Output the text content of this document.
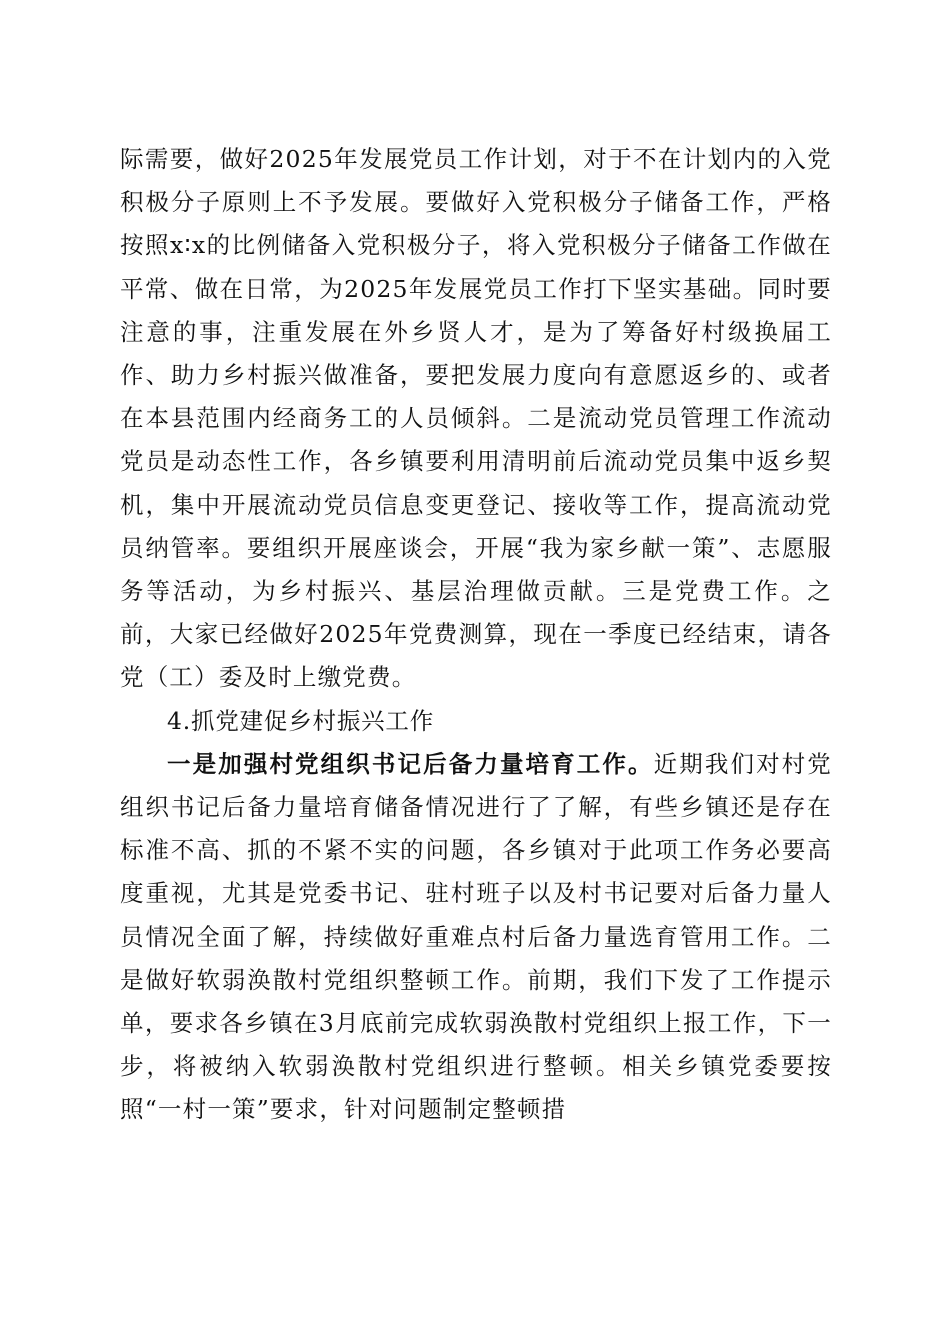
际需要，做好2025年发展党员工作计划，对于不在计划内的入党积极分子原则上不予发展。要做好入党积极分子储备工作，严格按照x∶x的比例储备入党积极分子，将入党积极分子储备工作做在平常、做在日常，为2025年发展党员工作打下坚实基础。同时要注意的事，注重发展在外乡贤人才，是为了筹备好村级换届工作、助力乡村振兴做准备，要把发展力度向有意愿返乡的、或者在本县范围内经商务工的人员倾斜。二是流动党员管理工作流动党员是动态性工作，各乡镇要利用清明前后流动党员集中返乡契机，集中开展流动党员信息变更登记、接收等工作，提高流动党员纳管率。要组织开展座谈会，开展“我为家乡献一策”、志愿服务等活动，为乡村振兴、基层治理做贡献。三是党费工作。之前，大家已经做好2025年党费测算，现在一季度已经结束，请各党（工）委及时上缴党费。

4.抓党建促乡村振兴工作

一是加强村党组织书记后备力量培育工作。近期我们对村党组织书记后备力量培育储备情况进行了了解，有些乡镇还是存在标准不高、抓的不紧不实的问题，各乡镇对于此项工作务必要高度重视，尤其是党委书记、驻村班子以及村书记要对后备力量人员情况全面了解，持续做好重难点村后备力量选育管用工作。二是做好软弱涣散村党组织整顿工作。前期，我们下发了工作提示单，要求各乡镇在3月底前完成软弱涣散村党组织上报工作，下一步，将被纳入软弱涣散村党组织进行整顿。相关乡镇党委要按照“一村一策”要求，针对问题制定整顿措
